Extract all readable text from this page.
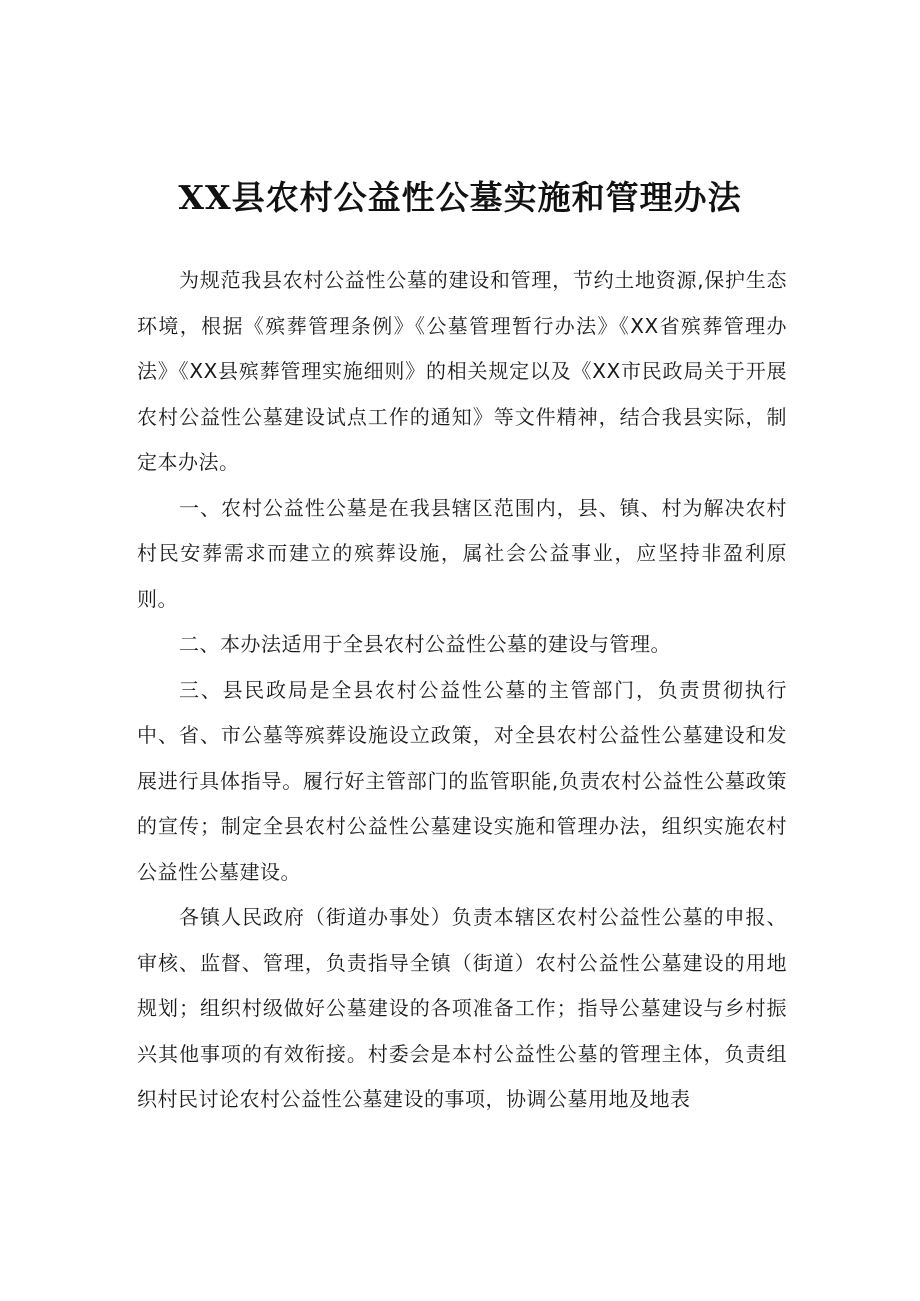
XX县农村公益性公墓实施和管理办法

为规范我县农村公益性公墓的建设和管理，节约土地资源,保护生态环境，根据《殡葬管理条例》《公墓管理暂行办法》《XX省殡葬管理办法》《XX县殡葬管理实施细则》的相关规定以及《XX市民政局关于开展农村公益性公墓建设试点工作的通知》等文件精神，结合我县实际，制定本办法。

一、农村公益性公墓是在我县辖区范围内，县、镇、村为解决农村村民安葬需求而建立的殡葬设施，属社会公益事业，应坚持非盈利原则。

二、本办法适用于全县农村公益性公墓的建设与管理。

三、县民政局是全县农村公益性公墓的主管部门，负责贯彻执行中、省、市公墓等殡葬设施设立政策，对全县农村公益性公墓建设和发展进行具体指导。履行好主管部门的监管职能,负责农村公益性公墓政策的宣传；制定全县农村公益性公墓建设实施和管理办法，组织实施农村公益性公墓建设。

各镇人民政府（街道办事处）负责本辖区农村公益性公墓的申报、审核、监督、管理，负责指导全镇（街道）农村公益性公墓建设的用地规划；组织村级做好公墓建设的各项准备工作；指导公墓建设与乡村振兴其他事项的有效衔接。村委会是本村公益性公墓的管理主体，负责组织村民讨论农村公益性公墓建设的事项，协调公墓用地及地表
